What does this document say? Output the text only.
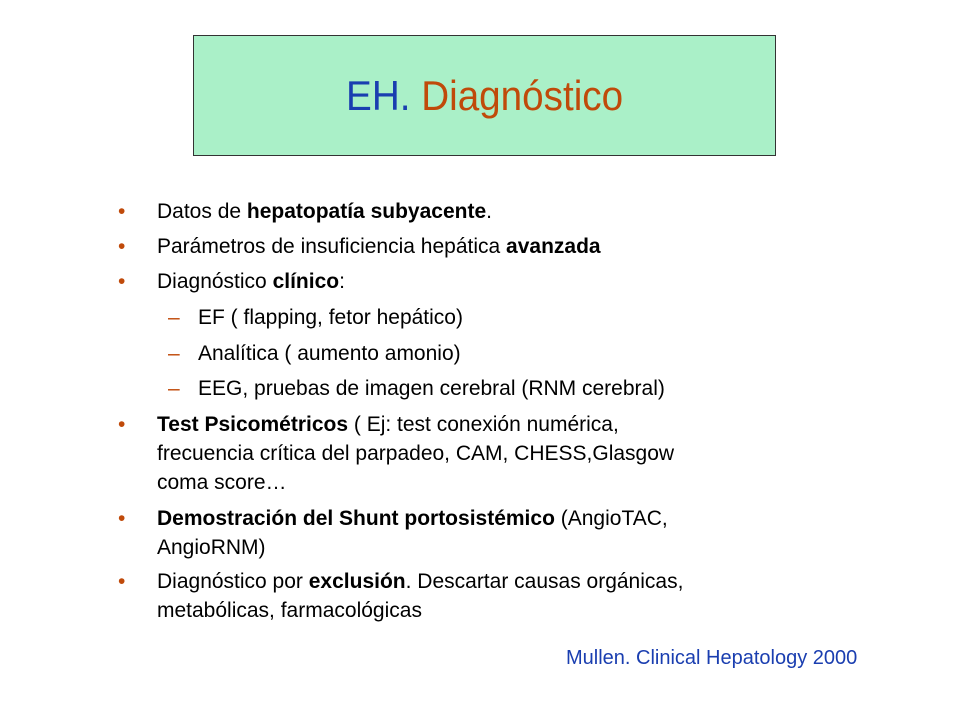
EH. Diagnóstico
• Datos de hepatopatía subyacente.
• Parámetros de insuficiencia hepática avanzada
• Diagnóstico clínico:
– EF ( flapping, fetor hepático)
– Analítica ( aumento amonio)
– EEG, pruebas de imagen cerebral (RNM cerebral)
• Test Psicométricos ( Ej: test conexión numérica,
frecuencia crítica del parpadeo, CAM, CHESS,Glasgow
coma score…
• Demostración del Shunt portosistémico (AngioTAC,
AngioRNM)
• Diagnóstico por exclusión. Descartar causas orgánicas,
metabólicas, farmacológicas
Mullen. Clinical Hepatology 2000
